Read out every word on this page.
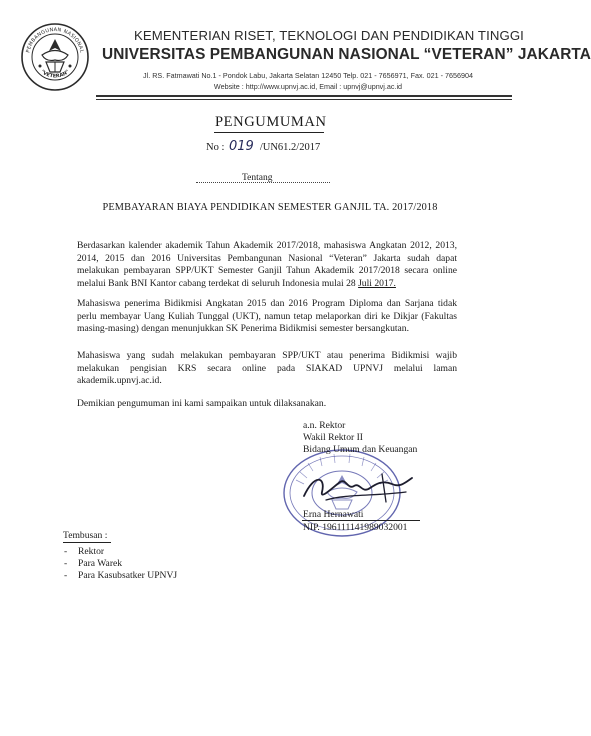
PEMBANGUNAN NASIONAL
"VETERAN"
KEMENTERIAN RISET, TEKNOLOGI DAN PENDIDIKAN TINGGI
UNIVERSITAS PEMBANGUNAN NASIONAL “VETERAN” JAKARTA
Jl. RS. Fatmawati No.1 - Pondok Labu, Jakarta Selatan 12450 Telp. 021 - 7656971, Fax. 021 - 7656904
Website : http://www.upnvj.ac.id, Email : upnvj@upnvj.ac.id
PENGUMUMAN
No : 019 /UN61.2/2017
Tentang
PEMBAYARAN BIAYA PENDIDIKAN SEMESTER GANJIL TA. 2017/2018
Berdasarkan kalender akademik Tahun Akademik 2017/2018, mahasiswa Angkatan 2012, 2013, 2014, 2015 dan 2016 Universitas Pembangunan Nasional “Veteran” Jakarta sudah dapat melakukan pembayaran SPP/UKT Semester Ganjil Tahun Akademik 2017/2018 secara online melalui Bank BNI Kantor cabang terdekat di seluruh Indonesia mulai 28 Juli 2017.
Mahasiswa penerima Bidikmisi Angkatan 2015 dan 2016 Program Diploma dan Sarjana tidak perlu membayar Uang Kuliah Tunggal (UKT), namun tetap melaporkan diri ke Dikjar (Fakultas masing-masing) dengan menunjukkan SK Penerima Bidikmisi semester bersangkutan.
Mahasiswa yang sudah melakukan pembayaran SPP/UKT atau penerima Bidikmisi wajib melakukan pengisian KRS secara online pada SIAKAD UPNVJ melalui laman akademik.upnvj.ac.id.
Demikian pengumuman ini kami sampaikan untuk dilaksanakan.
a.n. Rektor
Wakil Rektor II
Bidang Umum dan Keuangan
Erna Hernawati
NIP. 196111141989032001
Tembusan :
- Rektor
- Para Warek
- Para Kasubsatker UPNVJ
